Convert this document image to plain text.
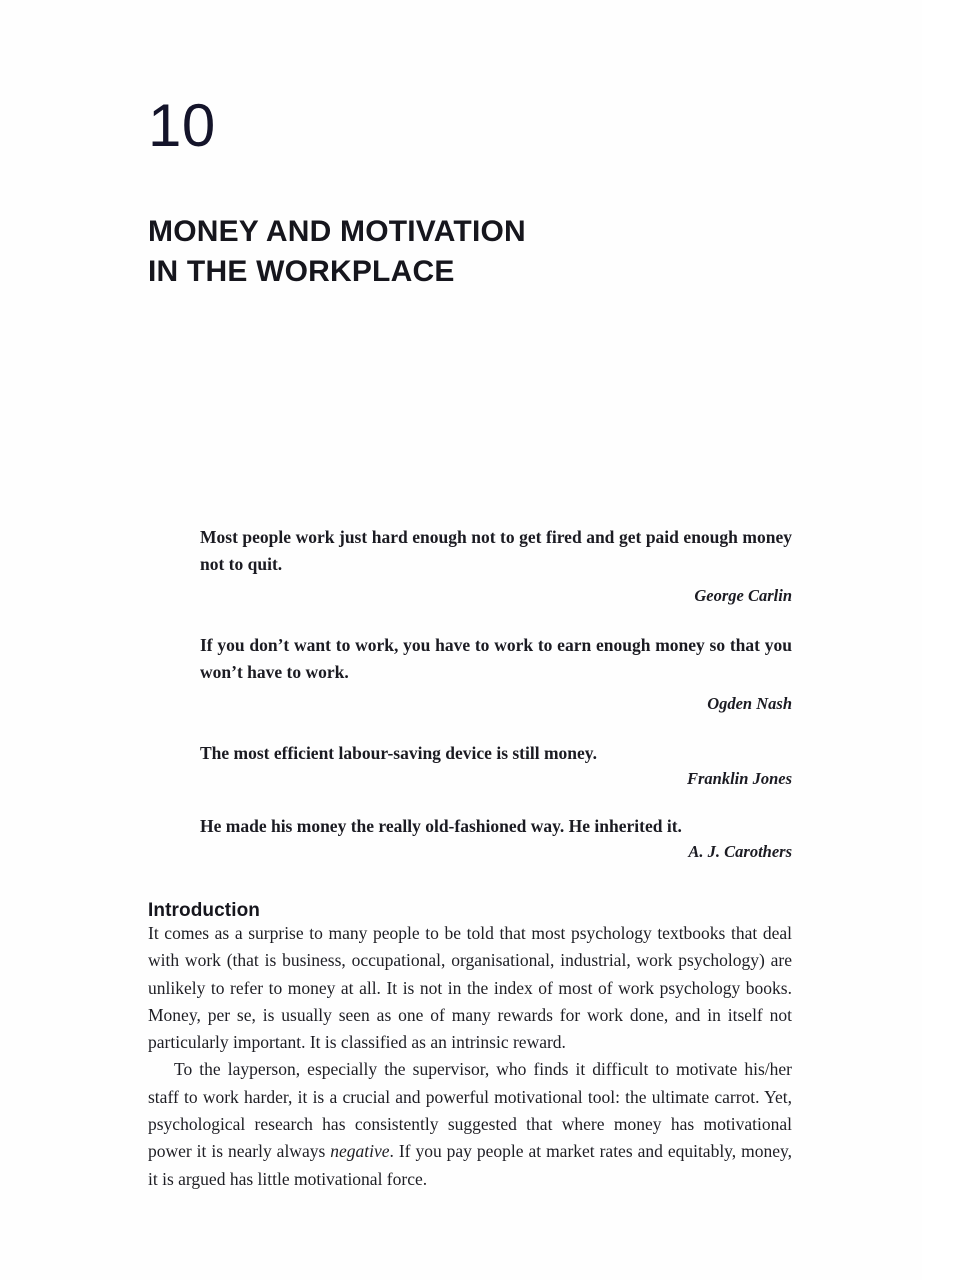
10
MONEY AND MOTIVATION
IN THE WORKPLACE
Most people work just hard enough not to get fired and get paid enough money not to quit.
George Carlin
If you don’t want to work, you have to work to earn enough money so that you won’t have to work.
Ogden Nash
The most efficient labour-saving device is still money.
Franklin Jones
He made his money the really old-fashioned way. He inherited it.
A. J. Carothers
Introduction

It comes as a surprise to many people to be told that most psychology textbooks that deal with work (that is business, occupational, organisational, industrial, work psychology) are unlikely to refer to money at all. It is not in the index of most of work psychology books. Money, per se, is usually seen as one of many rewards for work done, and in itself not particularly important. It is classified as an intrinsic reward.

To the layperson, especially the supervisor, who finds it difficult to motivate his/her staff to work harder, it is a crucial and powerful motivational tool: the ultimate carrot. Yet, psychological research has consistently suggested that where money has motivational power it is nearly always negative. If you pay people at market rates and equitably, money, it is argued has little motivational force.
